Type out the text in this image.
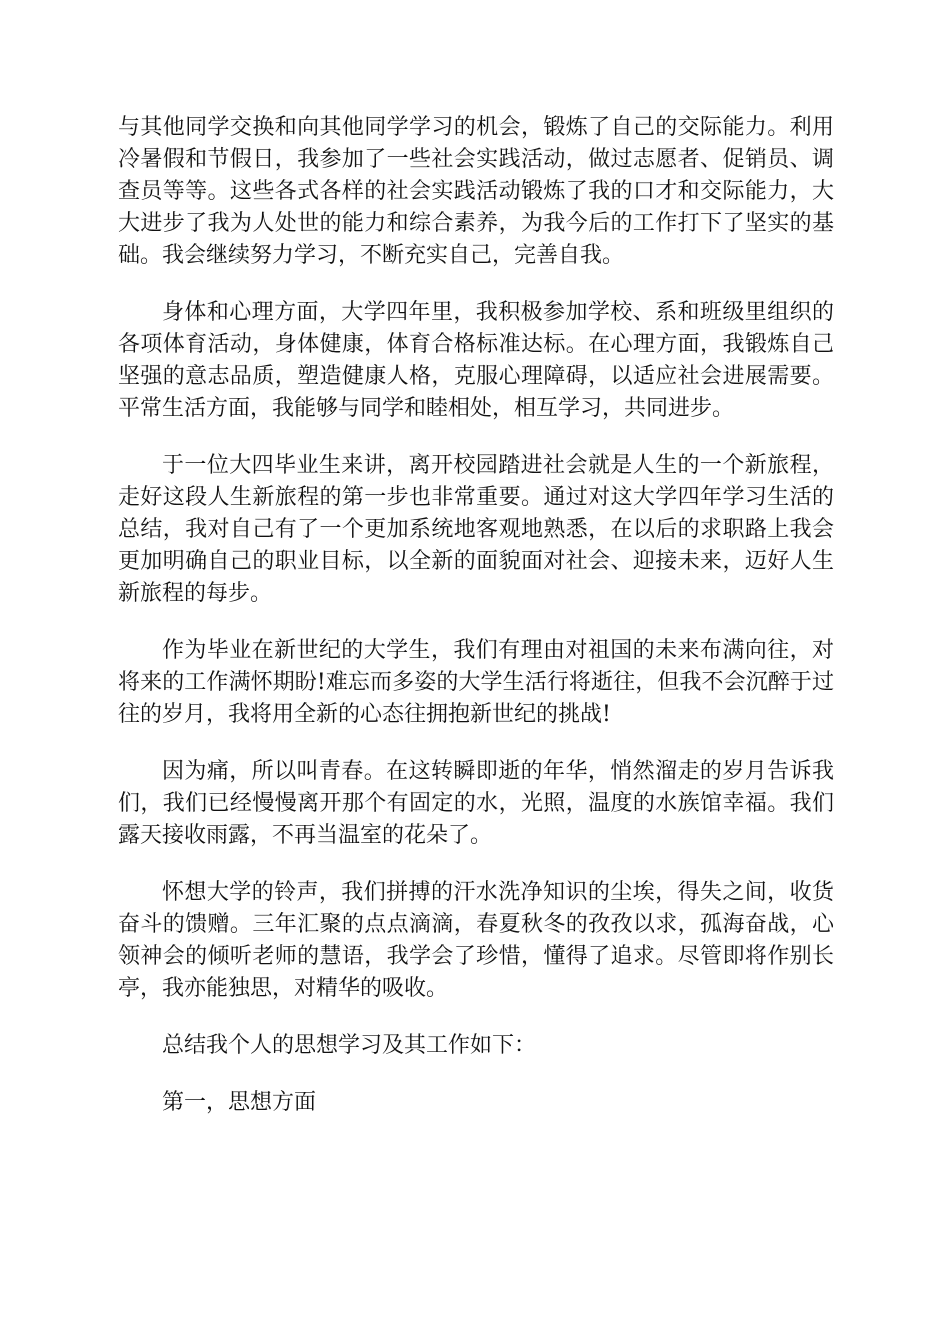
与其他同学交换和向其他同学学习的机会，锻炼了自己的交际能力。利用冷暑假和节假日，我参加了一些社会实践活动，做过志愿者、促销员、调查员等等。这些各式各样的社会实践活动锻炼了我的口才和交际能力，大大进步了我为人处世的能力和综合素养，为我今后的工作打下了坚实的基础。我会继续努力学习，不断充实自己，完善自我。

身体和心理方面，大学四年里，我积极参加学校、系和班级里组织的各项体育活动，身体健康，体育合格标准达标。在心理方面，我锻炼自己坚强的意志品质，塑造健康人格，克服心理障碍，以适应社会进展需要。平常生活方面，我能够与同学和睦相处，相互学习，共同进步。

于一位大四毕业生来讲，离开校园踏进社会就是人生的一个新旅程，走好这段人生新旅程的第一步也非常重要。通过对这大学四年学习生活的总结，我对自己有了一个更加系统地客观地熟悉，在以后的求职路上我会更加明确自己的职业目标，以全新的面貌面对社会、迎接未来，迈好人生新旅程的每步。

作为毕业在新世纪的大学生，我们有理由对祖国的未来布满向往，对将来的工作满怀期盼!难忘而多姿的大学生活行将逝往，但我不会沉醉于过往的岁月，我将用全新的心态往拥抱新世纪的挑战!

因为痛，所以叫青春。在这转瞬即逝的年华，悄然溜走的岁月告诉我们，我们已经慢慢离开那个有固定的水，光照，温度的水族馆幸福。我们露天接收雨露，不再当温室的花朵了。

怀想大学的铃声，我们拼搏的汗水洗净知识的尘埃，得失之间，收货奋斗的馈赠。三年汇聚的点点滴滴，春夏秋冬的孜孜以求，孤海奋战，心领神会的倾听老师的慧语，我学会了珍惜，懂得了追求。尽管即将作别长亭，我亦能独思，对精华的吸收。

总结我个人的思想学习及其工作如下：

第一，思想方面
